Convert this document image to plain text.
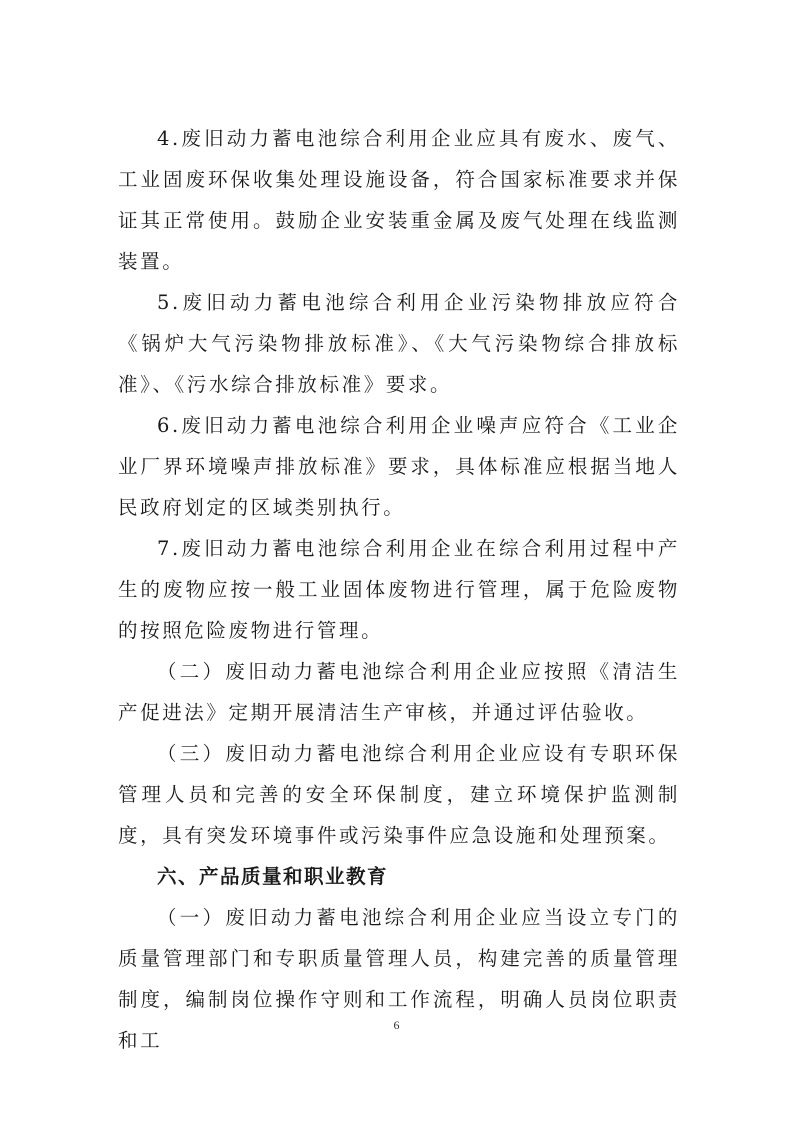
4.废旧动力蓄电池综合利用企业应具有废水、废气、工业固废环保收集处理设施设备，符合国家标准要求并保证其正常使用。鼓励企业安装重金属及废气处理在线监测装置。

5.废旧动力蓄电池综合利用企业污染物排放应符合《锅炉大气污染物排放标准》、《大气污染物综合排放标准》、《污水综合排放标准》要求。

6.废旧动力蓄电池综合利用企业噪声应符合《工业企业厂界环境噪声排放标准》要求，具体标准应根据当地人民政府划定的区域类别执行。

7.废旧动力蓄电池综合利用企业在综合利用过程中产生的废物应按一般工业固体废物进行管理，属于危险废物的按照危险废物进行管理。

（二）废旧动力蓄电池综合利用企业应按照《清洁生产促进法》定期开展清洁生产审核，并通过评估验收。

（三）废旧动力蓄电池综合利用企业应设有专职环保管理人员和完善的安全环保制度，建立环境保护监测制度，具有突发环境事件或污染事件应急设施和处理预案。

六、产品质量和职业教育

（一）废旧动力蓄电池综合利用企业应当设立专门的质量管理部门和专职质量管理人员，构建完善的质量管理制度，编制岗位操作守则和工作流程，明确人员岗位职责和工

6
